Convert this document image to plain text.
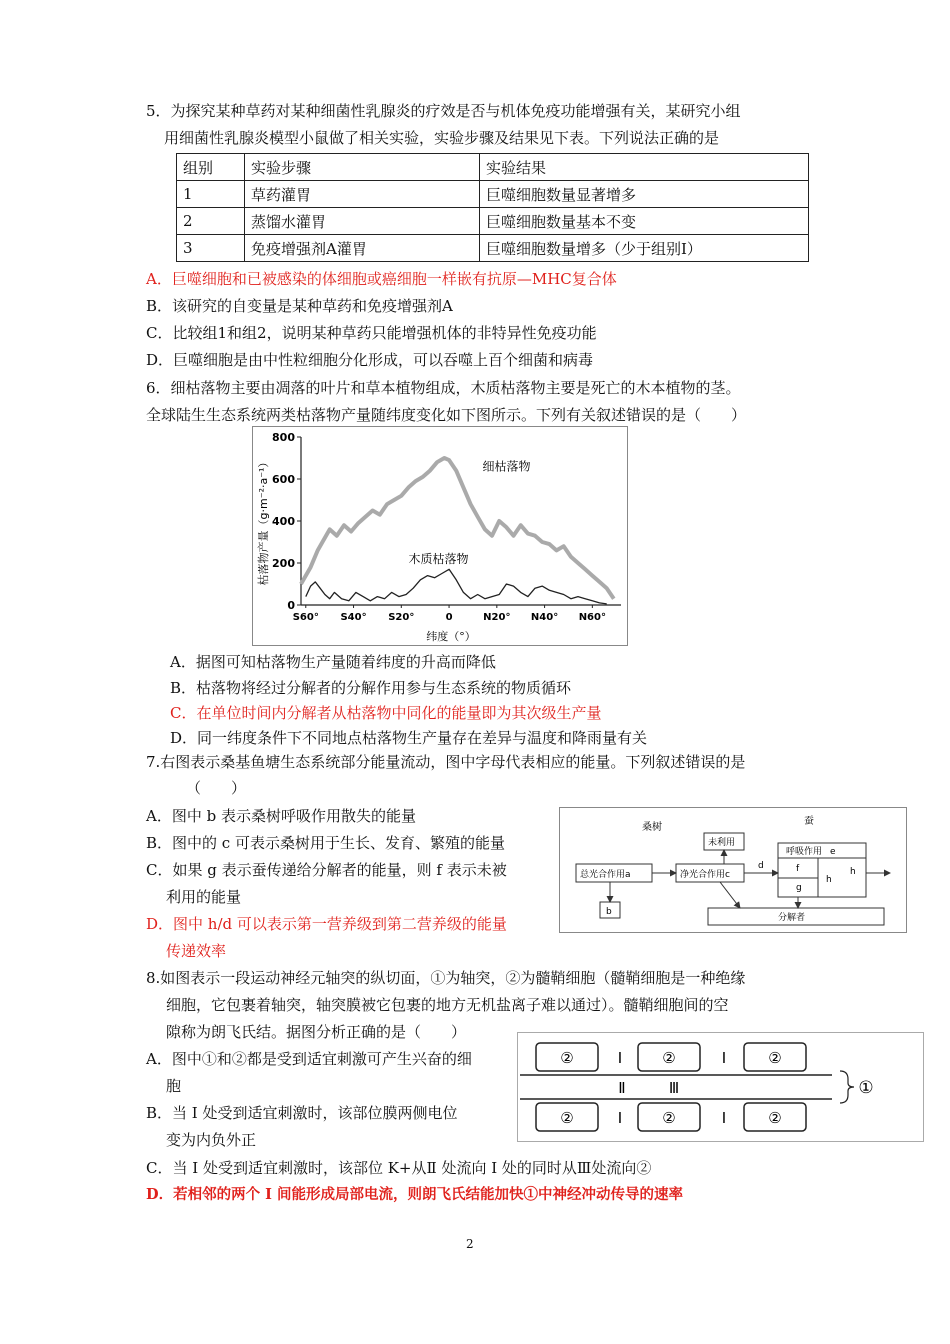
5．为探究某种草药对某种细菌性乳腺炎的疗效是否与机体免疫功能增强有关，某研究小组
用细菌性乳腺炎模型小鼠做了相关实验，实验步骤及结果见下表。下列说法正确的是
组别	实验步骤	实验结果
1	草药灌胃	巨噬细胞数量显著增多
2	蒸馏水灌胃	巨噬细胞数量基本不变
3	免疫增强剂A灌胃	巨噬细胞数量增多（少于组别Ⅰ）
A．巨噬细胞和已被感染的体细胞或癌细胞一样嵌有抗原—MHC复合体
B．该研究的自变量是某种草药和免疫增强剂A
C．比较组1和组2，说明某种草药只能增强机体的非特异性免疫功能
D．巨噬细胞是由中性粒细胞分化形成，可以吞噬上百个细菌和病毒
6．细枯落物主要由凋落的叶片和草本植物组成，木质枯落物主要是死亡的木本植物的茎。
全球陆生生态系统两类枯落物产量随纬度变化如下图所示。下列有关叙述错误的是（　　）
0
200
400
600
800
S60° S40° S20°	0	N20° N40° N60°
纬度（°）
枯落物产量（g·m⁻²·a⁻¹）	细枯落物
木质枯落物
A．据图可知枯落物生产量随着纬度的升高而降低
B．枯落物将经过分解者的分解作用参与生态系统的物质循环
C．在单位时间内分解者从枯落物中同化的能量即为其次级生产量
D．同一纬度条件下不同地点枯落物生产量存在差异与温度和降雨量有关
7.右图表示桑基鱼塘生态系统部分能量流动，图中字母代表相应的能量。下列叙述错误的是
（　　）
A．图中 b 表示桑树呼吸作用散失的能量
B．图中的 c 可表示桑树用于生长、发育、繁殖的能量
C．如果 g 表示蚕传递给分解者的能量，则 f 表示未被
利用的能量
D．图中 h/d 可以表示第一营养级到第二营养级的能量
传递效率
桑树
蚕
总光合作用a	净光合作用c
未利用
呼吸作用 e
f
g
h
b
分解者
d
h
8.如图表示一段运动神经元轴突的纵切面，①为轴突，②为髓鞘细胞（髓鞘细胞是一种绝缘
细胞，它包裹着轴突，轴突膜被它包裹的地方无机盐离子难以通过）。髓鞘细胞间的空
隙称为朗飞氏结。据图分析正确的是（　　）
A．图中①和②都是受到适宜刺激可产生兴奋的细
胞
B．当 I 处受到适宜刺激时，该部位膜两侧电位
变为内负外正
C．当 I 处受到适宜刺激时，该部位 K+从Ⅱ 处流向 I 处的同时从Ⅲ处流向②
D．若相邻的两个 I 间能形成局部电流，则朗飞氏结能加快①中神经冲动传导的速率
②	②	②
②	②	②
I	I
I	I
Ⅱ	Ⅲ	①
2
